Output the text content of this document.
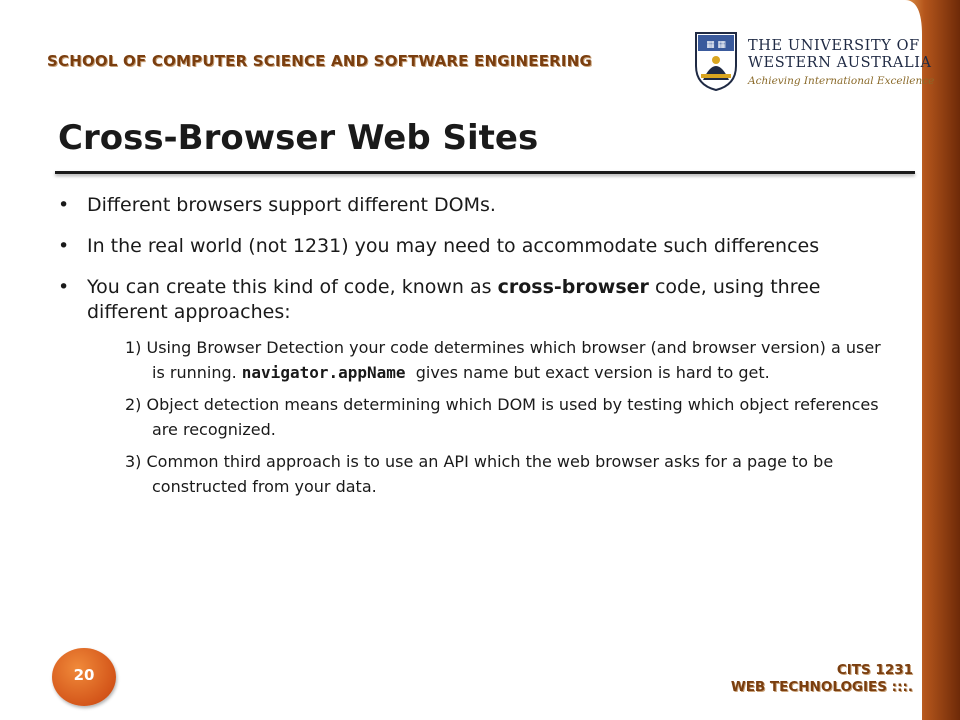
SCHOOL OF COMPUTER SCIENCE AND SOFTWARE ENGINEERING
▦ ▦ THE UNIVERSITY OF
WESTERN AUSTRALIA
Achieving International Excellence
Cross-Browser Web Sites
• Different browsers support different DOMs.
• In the real world (not 1231) you may need to accommodate such differences
• You can create this kind of code, known as cross-browser code, using three different approaches:
1) Using Browser Detection your code determines which browser (and browser version) a user is running. navigator.appName  gives name but exact version is hard to get.
2) Object detection means determining which DOM is used by testing which object references are recognized.
3) Common third approach is to use an API which the web browser asks for a page to be constructed from your data.
20	CITS 1231
WEB TECHNOLOGIES :::.
